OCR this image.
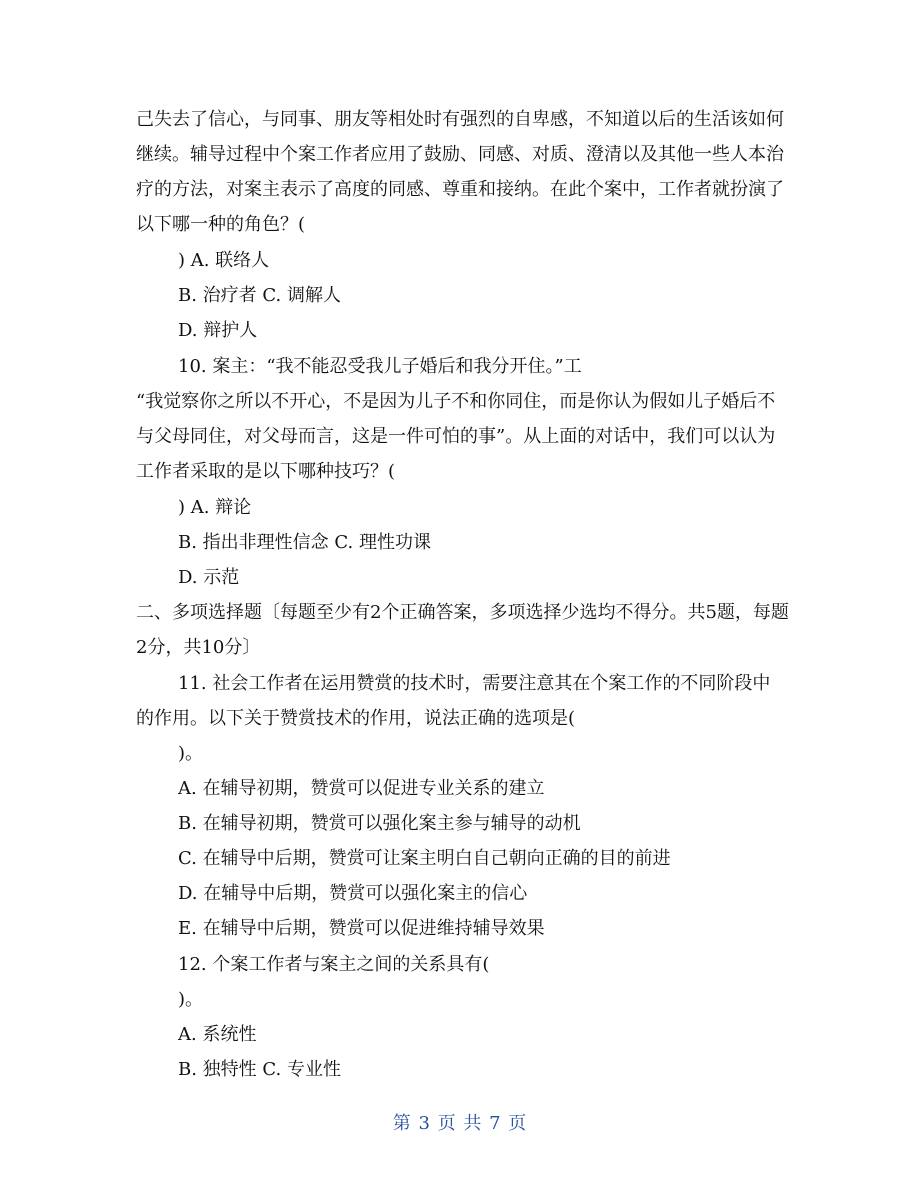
己失去了信心，与同事、朋友等相处时有强烈的自卑感，不知道以后的生活该如何
继续。辅导过程中个案工作者应用了鼓励、同感、对质、澄清以及其他一些人本治
疗的方法，对案主表示了高度的同感、尊重和接纳。在此个案中，工作者就扮演了
以下哪一种的角色？(
) A. 联络人
B. 治疗者 C. 调解人
D. 辩护人
10. 案主：“我不能忍受我儿子婚后和我分开住。”工
“我觉察你之所以不开心，不是因为儿子不和你同住，而是你认为假如儿子婚后不
与父母同住，对父母而言，这是一件可怕的事”。从上面的对话中，我们可以认为
工作者采取的是以下哪种技巧？(
) A. 辩论
B. 指出非理性信念 C. 理性功课
D. 示范
二、多项选择题〔每题至少有2个正确答案，多项选择少选均不得分。共5题，每题
2分，共10分〕
11. 社会工作者在运用赞赏的技术时，需要注意其在个案工作的不同阶段中
的作用。以下关于赞赏技术的作用，说法正确的选项是(
)。
A. 在辅导初期，赞赏可以促进专业关系的建立
B. 在辅导初期，赞赏可以强化案主参与辅导的动机
C. 在辅导中后期，赞赏可让案主明白自己朝向正确的目的前进
D. 在辅导中后期，赞赏可以强化案主的信心
E. 在辅导中后期，赞赏可以促进维持辅导效果
12. 个案工作者与案主之间的关系具有(
)。
A. 系统性
B. 独特性 C. 专业性
第 3 页 共 7 页
